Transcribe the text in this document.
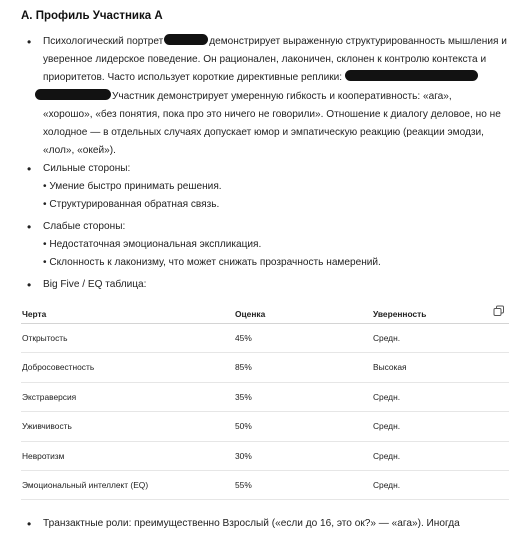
A. Профиль Участника A
• Психологический портрет	демонстрирует выраженную структурированность мышления и
уверенное лидерское поведение. Он рационален, лаконичен, склонен к контролю контекста и
приоритетов. Часто использует короткие директивные реплики:
Участник демонстрирует умеренную гибкость и кооперативность: «ага»,
«хорошо», «без понятия, пока про это ничего не говорили». Отношение к диалогу деловое, но не
холодное — в отдельных случаях допускает юмор и эмпатическую реакцию (реакции эмодзи,
«лол», «окей»).
• Сильные стороны:
• Умение быстро принимать решения.
• Структурированная обратная связь.
• Слабые стороны:
• Недостаточная эмоциональная экспликация.
• Склонность к лаконизму, что может снижать прозрачность намерений.
• Big Five / EQ таблица:
Черта	Оценка	Уверенность
Открытость	45%	Средн.
Добросовестность	85%	Высокая
Экстраверсия	35%	Средн.
Уживчивость	50%	Средн.
Невротизм	30%	Средн.
Эмоциональный интеллект (EQ)	55%	Средн.
• Транзактные роли: преимущественно Взрослый («если до 16, это ок?» — «ага»). Иногда
